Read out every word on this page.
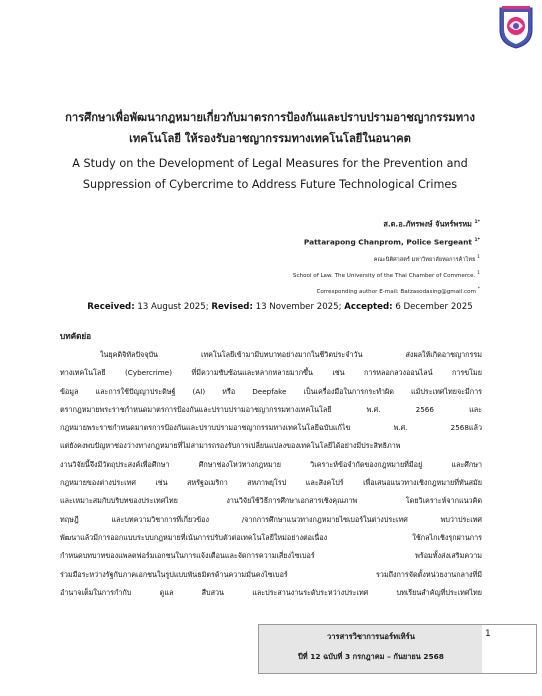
การศึกษาเพื่อพัฒนากฎหมายเกี่ยวกับมาตรการป้องกันและปราบปรามอาชญากรรมทาง
เทคโนโลยี ให้รองรับอาชญากรรมทางเทคโนโลยีในอนาคต
A Study on the Development of Legal Measures for the Prevention and
Suppression of Cybercrime to Address Future Technological Crimes
ส.ต.อ.ภัทรพงษ์ จันทร์พรหม $^{1*}$
Pattarapong Chanprom, Police Sergeant $^{1*}$
คณะนิติศาสตร์ มหาวิทยาลัยหอการค้าไทย $^1$
School of Law. The University of the Thai Chamber of Commerce. $^1$
Corresponding author E-mail: Batzasodasing@gmail.com *
Received: 13 August 2025; Revised: 13 November 2025; Accepted: 6 December 2025
บทคัดย่อ
ในยุคดิจิทัลปัจจุบัน เทคโนโลยีเข้ามามีบทบาทอย่างมากในชีวิตประจำวัน ส่งผลให้เกิดอาชญากรรม
ทางเทคโนโลยี (Cybercrime) ที่มีความซับซ้อนและหลากหลายมากขึ้น เช่น การหลอกลวงออนไลน์ การขโมย
ข้อมูล และการใช้ปัญญาประดิษฐ์ (AI) หรือ Deepfake เป็นเครื่องมือในการกระทำผิด แม้ประเทศไทยจะมีการ
ตรากฎหมายพระราชกำหนดมาตรการป้องกันและปราบปรามอาชญากรรมทางเทคโนโลยี พ.ศ. 2566 และ
กฎหมายพระราชกำหนดมาตรการป้องกันและปราบปรามอาชญากรรมทางเทคโนโลยีฉบับแก้ไข พ.ศ. 2568แล้ว
แต่ยังคงพบปัญหาช่องว่างทางกฎหมายที่ไม่สามารถรองรับการเปลี่ยนแปลงของเทคโนโลยีได้อย่างมีประสิทธิภาพ
งานวิจัยนี้จึงมีวัตถุประสงค์เพื่อศึกษา ศึกษาช่องโหว่ทางกฎหมาย วิเคราะห์ข้อจำกัดของกฎหมายที่มีอยู่ และศึกษา
กฎหมายของต่างประเทศ เช่น สหรัฐอเมริกา สหภาพยุโรป และสิงคโปร์ เพื่อเสนอแนวทางเชิงกฎหมายที่ทันสมัย
และเหมาะสมกับบริบทของประเทศไทย งานวิจัยใช้วิธีการศึกษาเอกสารเชิงคุณภาพ โดยวิเคราะห์จากแนวคิด
ทฤษฎี และบทความวิชาการที่เกี่ยวข้อง /จากการศึกษาแนวทางกฎหมายไซเบอร์ในต่างประเทศ พบว่าประเทศ
พัฒนาแล้วมีการออกแบบระบบกฎหมายที่เน้นการปรับตัวต่อเทคโนโลยีใหม่อย่างต่อเนื่อง ใช้กลไกเชิงรุกผ่านการ
กำหนดบทบาทของแพลตฟอร์มเอกชนในการแจ้งเตือนและจัดการความเสี่ยงไซเบอร์ พร้อมทั้งส่งเสริมความ
ร่วมมือระหว่างรัฐกับภาคเอกชนในรูปแบบพันธมิตรด้านความมั่นคงไซเบอร์ รวมถึงการจัดตั้งหน่วยงานกลางที่มี
อำนาจเต็มในการกำกับ ดูแล สืบสวน และประสานงานระดับระหว่างประเทศ บทเรียนสำคัญที่ประเทศไทย
วารสารวิชาการนอร์ทเทิร์น
ปีที่ 12 ฉบับที่ 3 กรกฎาคม – กันยายน 2568
1
